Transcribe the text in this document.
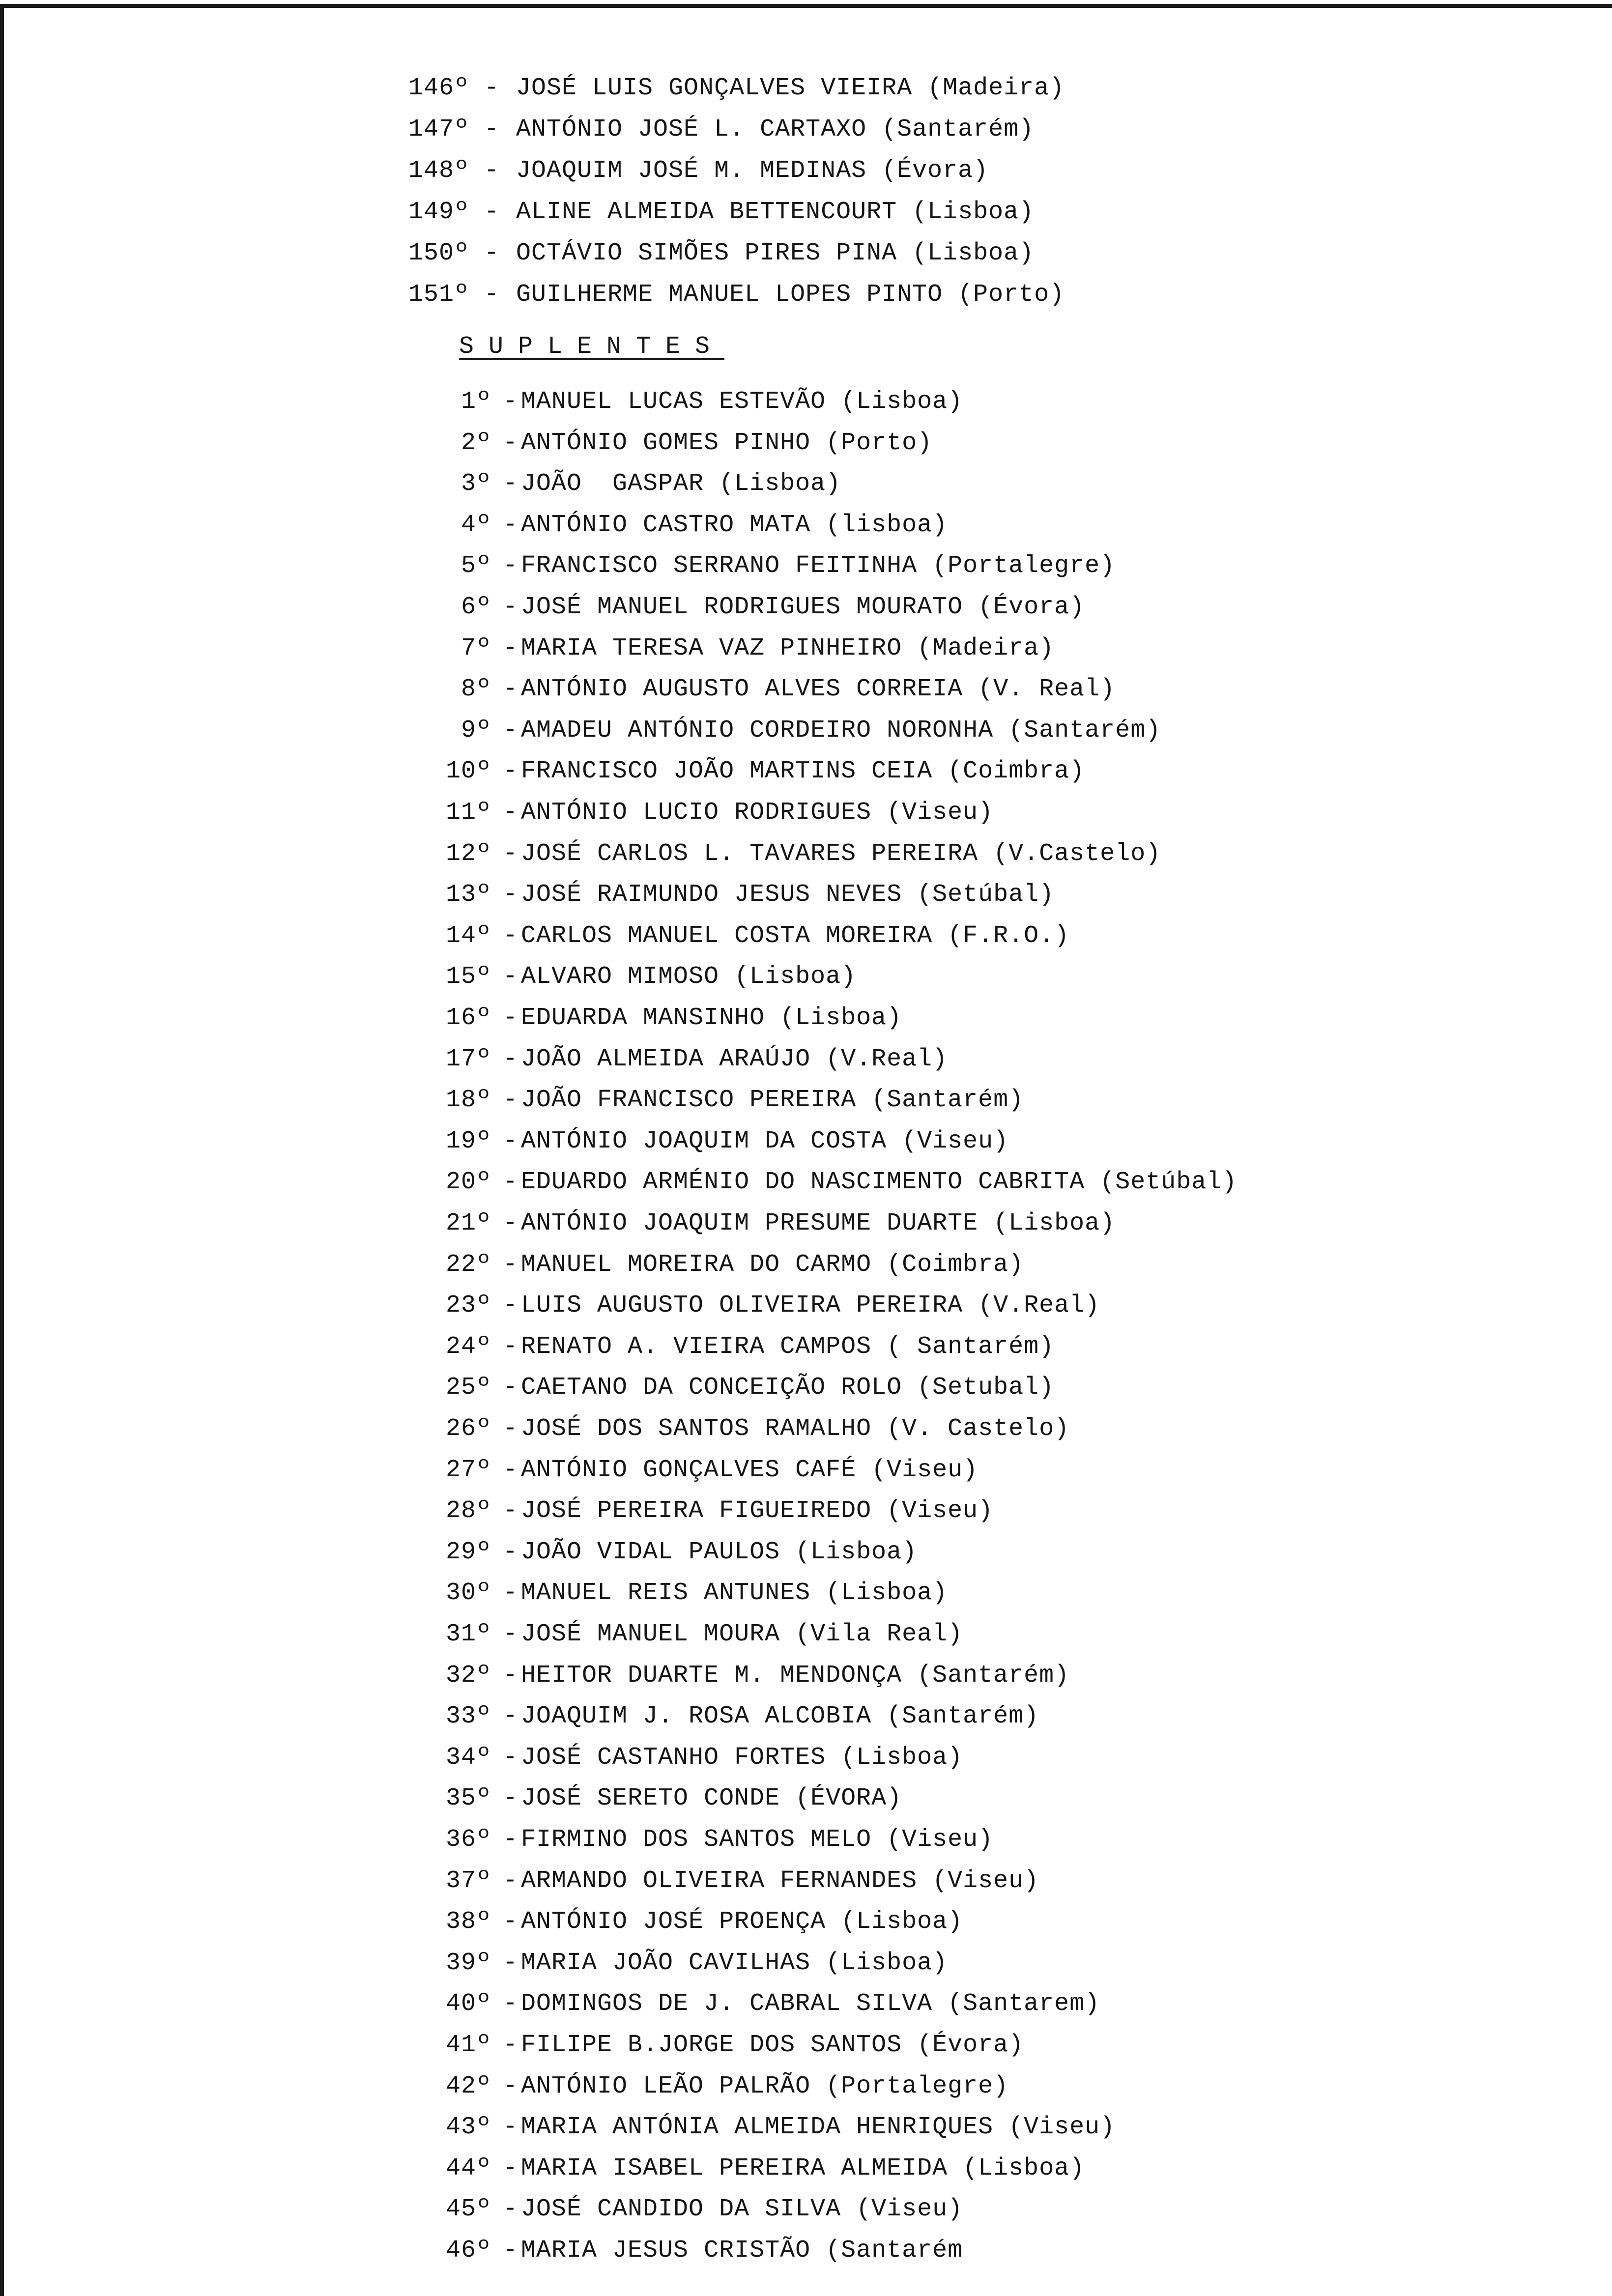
146º - JOSÉ LUIS GONÇALVES VIEIRA (Madeira)
147º - ANTÓNIO JOSÉ L. CARTAXO (Santarém)
148º - JOAQUIM JOSÉ M. MEDINAS (Évora)
149º - ALINE ALMEIDA BETTENCOURT (Lisboa)
150º - OCTÁVIO SIMÕES PIRES PINA (Lisboa)
151º - GUILHERME MANUEL LOPES PINTO (Porto)
SUPLENTES
1º - MANUEL LUCAS ESTEVÃO (Lisboa)
2º - ANTÓNIO GOMES PINHO (Porto)
3º - JOÃO  GASPAR (Lisboa)
4º - ANTÓNIO CASTRO MATA (lisboa)
5º - FRANCISCO SERRANO FEITINHA (Portalegre)
6º - JOSÉ MANUEL RODRIGUES MOURATO (Évora)
7º - MARIA TERESA VAZ PINHEIRO (Madeira)
8º - ANTÓNIO AUGUSTO ALVES CORREIA (V. Real)
9º - AMADEU ANTÓNIO CORDEIRO NORONHA (Santarém)
10º - FRANCISCO JOÃO MARTINS CEIA (Coimbra)
11º - ANTÓNIO LUCIO RODRIGUES (Viseu)
12º - JOSÉ CARLOS L. TAVARES PEREIRA (V.Castelo)
13º - JOSÉ RAIMUNDO JESUS NEVES (Setúbal)
14º - CARLOS MANUEL COSTA MOREIRA (F.R.O.)
15º - ALVARO MIMOSO (Lisboa)
16º - EDUARDA MANSINHO (Lisboa)
17º - JOÃO ALMEIDA ARAÚJO (V.Real)
18º - JOÃO FRANCISCO PEREIRA (Santarém)
19º - ANTÓNIO JOAQUIM DA COSTA (Viseu)
20º - EDUARDO ARMÉNIO DO NASCIMENTO CABRITA (Setúbal)
21º - ANTÓNIO JOAQUIM PRESUME DUARTE (Lisboa)
22º - MANUEL MOREIRA DO CARMO (Coimbra)
23º - LUIS AUGUSTO OLIVEIRA PEREIRA (V.Real)
24º - RENATO A. VIEIRA CAMPOS ( Santarém)
25º - CAETANO DA CONCEIÇÃO ROLO (Setubal)
26º - JOSÉ DOS SANTOS RAMALHO (V. Castelo)
27º - ANTÓNIO GONÇALVES CAFÉ (Viseu)
28º - JOSÉ PEREIRA FIGUEIREDO (Viseu)
29º - JOÃO VIDAL PAULOS (Lisboa)
30º - MANUEL REIS ANTUNES (Lisboa)
31º - JOSÉ MANUEL MOURA (Vila Real)
32º - HEITOR DUARTE M. MENDONÇA (Santarém)
33º - JOAQUIM J. ROSA ALCOBIA (Santarém)
34º - JOSÉ CASTANHO FORTES (Lisboa)
35º - JOSÉ SERETO CONDE (ÉVORA)
36º - FIRMINO DOS SANTOS MELO (Viseu)
37º - ARMANDO OLIVEIRA FERNANDES (Viseu)
38º - ANTÓNIO JOSÉ PROENÇA (Lisboa)
39º - MARIA JOÃO CAVILHAS (Lisboa)
40º - DOMINGOS DE J. CABRAL SILVA (Santarem)
41º - FILIPE B.JORGE DOS SANTOS (Évora)
42º - ANTÓNIO LEÃO PALRÃO (Portalegre)
43º - MARIA ANTÓNIA ALMEIDA HENRIQUES (Viseu)
44º - MARIA ISABEL PEREIRA ALMEIDA (Lisboa)
45º - JOSÉ CANDIDO DA SILVA (Viseu)
46º - MARIA JESUS CRISTÃO (Santarém
